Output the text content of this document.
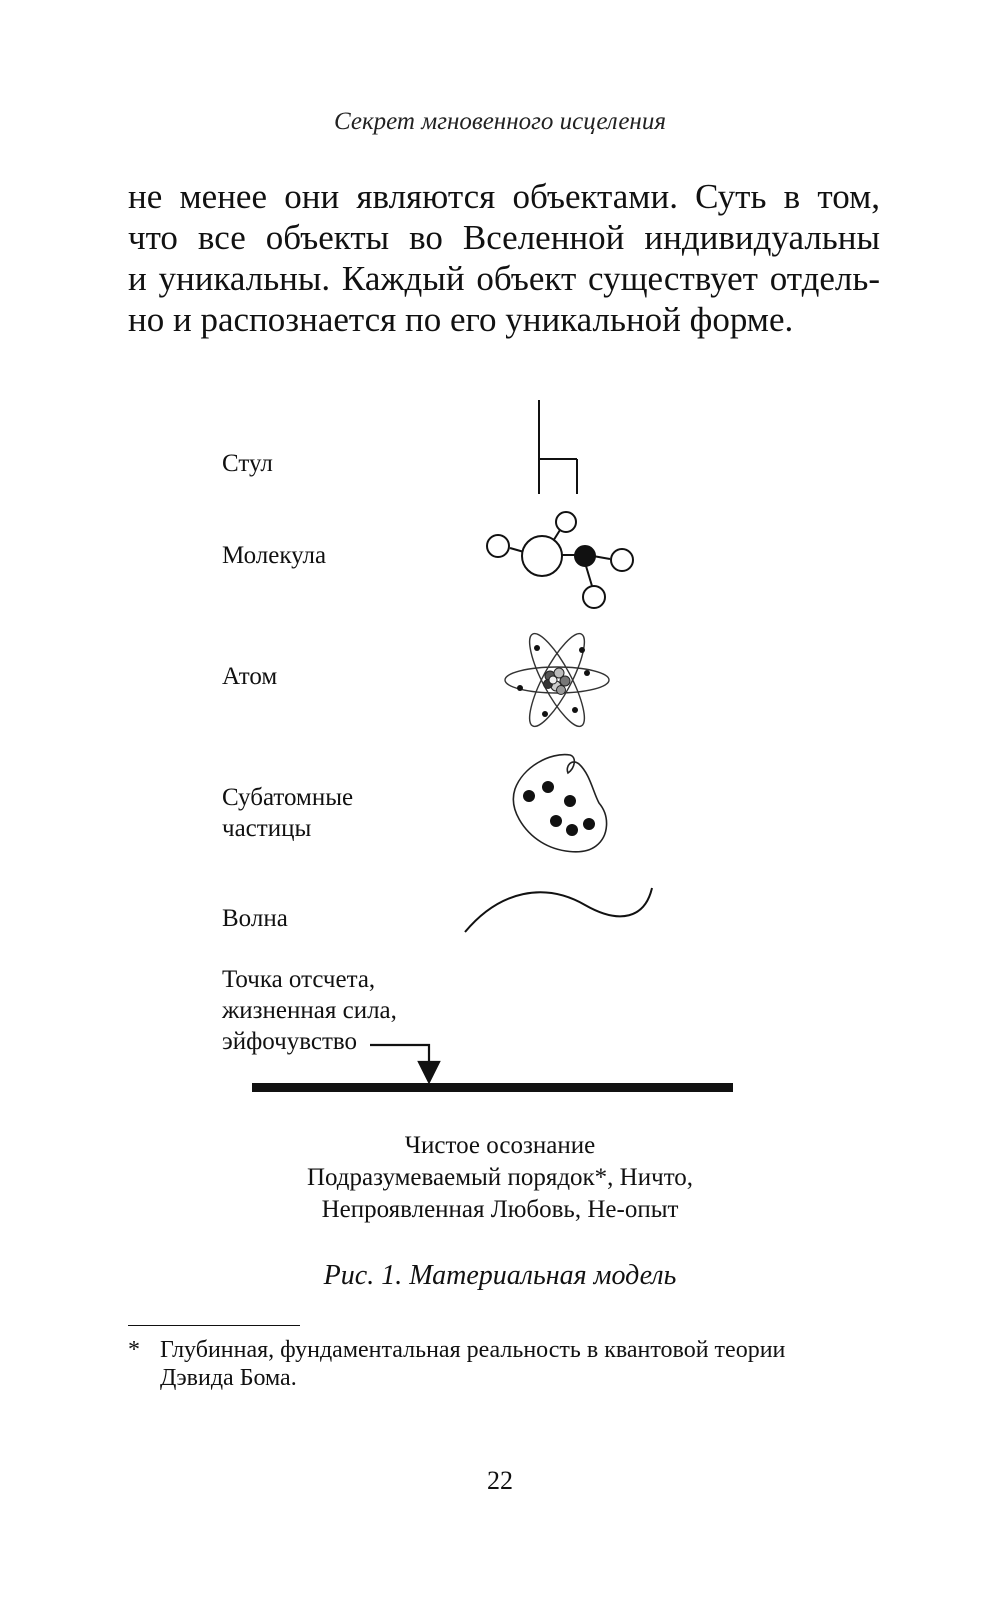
Секрет мгновенного исцеления
не менее они являются объектами. Суть в том,
что все объекты во Вселенной индивидуальны
и уникальны. Каждый объект существует отдель-
но и распознается по его уникальной форме.
Стул
Молекула
Атом
Субатомные
частицы
Волна
Точка отсчета,
жизненная сила,
эйфочувство
Чистое осознание
Подразумеваемый порядок*, Ничто,
Непроявленная Любовь, Не-опыт
Рис. 1. Материальная модель
* Глубинная, фундаментальная реальность в квантовой теории
Дэвида Бома.
22
